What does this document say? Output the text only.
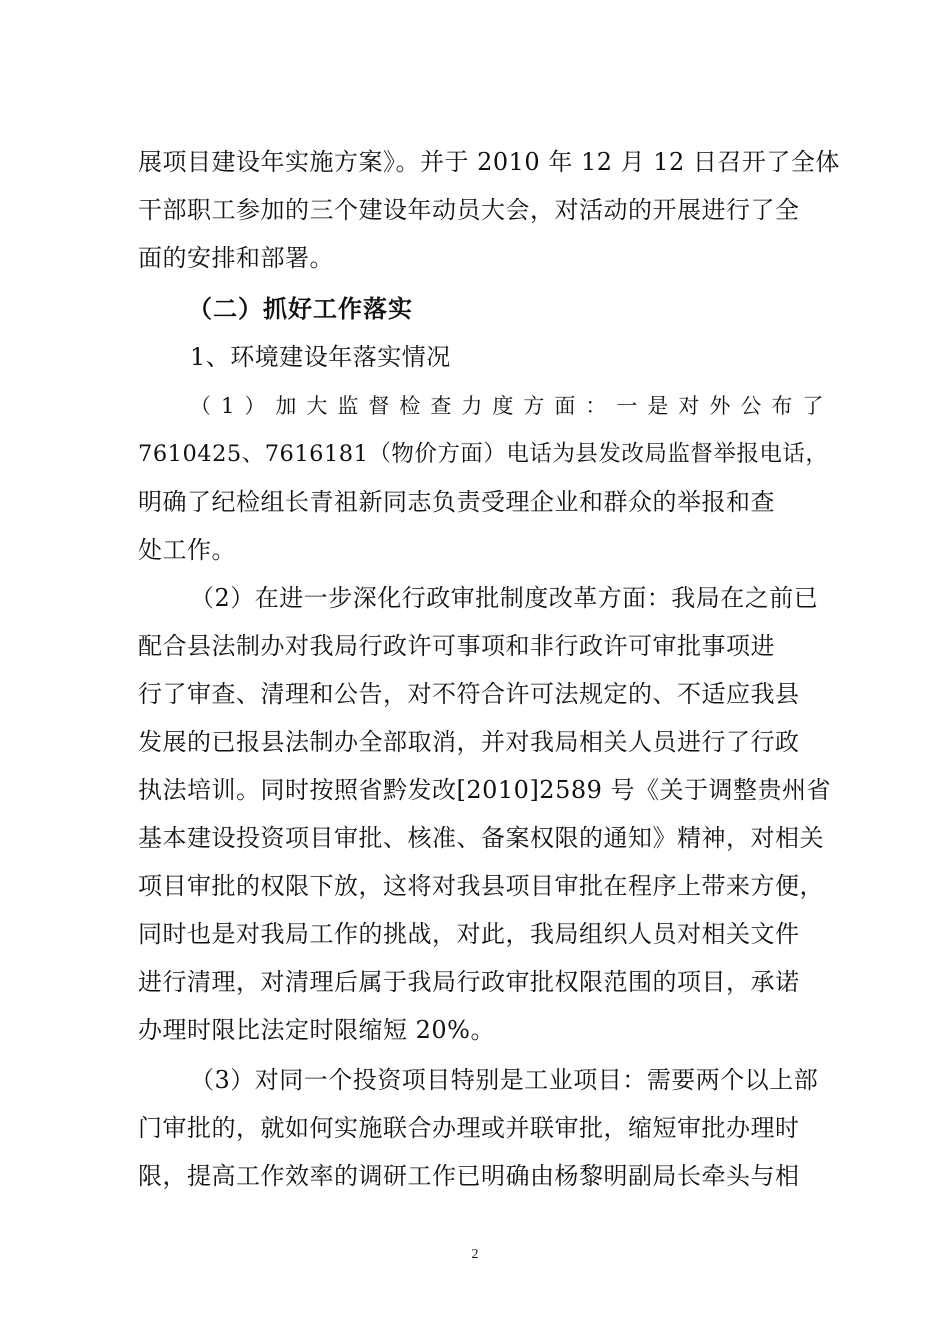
展项目建设年实施方案》。并于 2010 年 12 月 12 日召开了全体
干部职工参加的三个建设年动员大会，对活动的开展进行了全
面的安排和部署。
（二）抓好工作落实
1、环境建设年落实情况
（1）加大监督检查力度方面：一是对外公布了
7610425、7616181（物价方面）电话为县发改局监督举报电话，
明确了纪检组长青祖新同志负责受理企业和群众的举报和查
处工作。
（2）在进一步深化行政审批制度改革方面：我局在之前已
配合县法制办对我局行政许可事项和非行政许可审批事项进
行了审查、清理和公告，对不符合许可法规定的、不适应我县
发展的已报县法制办全部取消，并对我局相关人员进行了行政
执法培训。同时按照省黔发改[2010]2589 号《关于调整贵州省
基本建设投资项目审批、核准、备案权限的通知》精神，对相关
项目审批的权限下放，这将对我县项目审批在程序上带来方便，
同时也是对我局工作的挑战，对此，我局组织人员对相关文件
进行清理，对清理后属于我局行政审批权限范围的项目，承诺
办理时限比法定时限缩短 20%。
（3）对同一个投资项目特别是工业项目：需要两个以上部
门审批的，就如何实施联合办理或并联审批，缩短审批办理时
限，提高工作效率的调研工作已明确由杨黎明副局长牵头与相
2
